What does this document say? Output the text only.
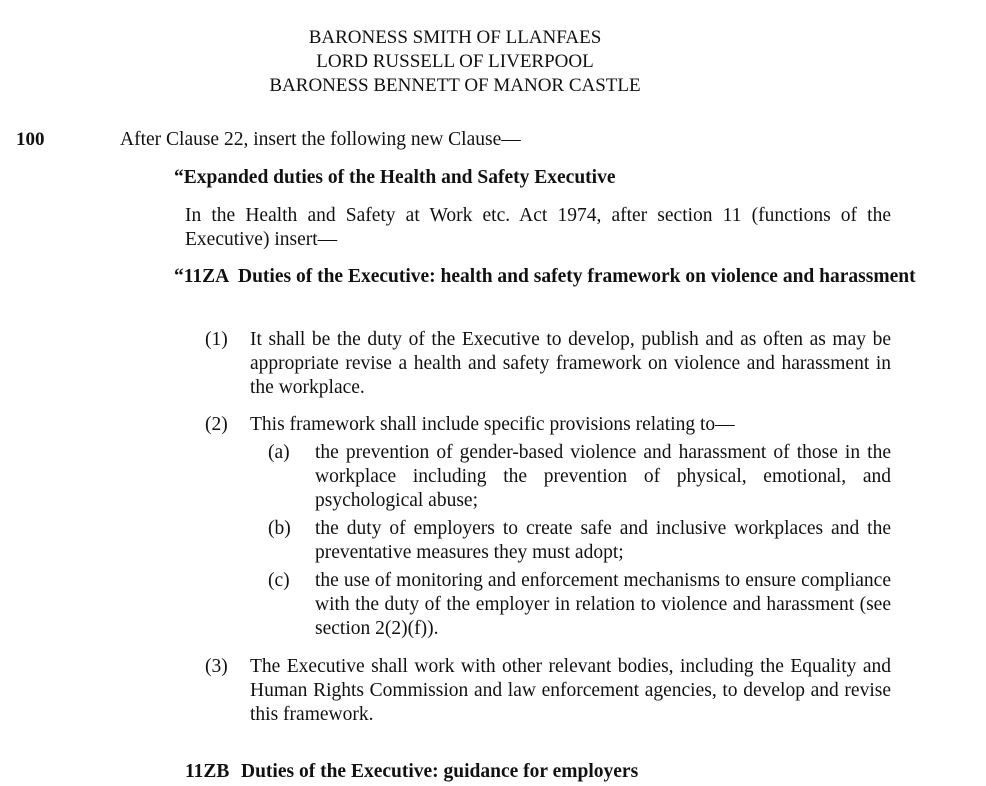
BARONESS SMITH OF LLANFAES
LORD RUSSELL OF LIVERPOOL
BARONESS BENNETT OF MANOR CASTLE
100	After Clause 22, insert the following new Clause—
“Expanded duties of the Health and Safety Executive
In the Health and Safety at Work etc. Act 1974, after section 11 (functions of the Executive) insert—
“11ZA Duties of the Executive: health and safety framework on violence and harassment
(1)	It shall be the duty of the Executive to develop, publish and as often as may be appropriate revise a health and safety framework on violence and harassment in the workplace.
(2)	This framework shall include specific provisions relating to—
(a)	the prevention of gender-based violence and harassment of those in the workplace including the prevention of physical, emotional, and psychological abuse;
(b)	the duty of employers to create safe and inclusive workplaces and the preventative measures they must adopt;
(c)	the use of monitoring and enforcement mechanisms to ensure compliance with the duty of the employer in relation to violence and harassment (see section 2(2)(f)).
(3)	The Executive shall work with other relevant bodies, including the Equality and Human Rights Commission and law enforcement agencies, to develop and revise this framework.
11ZB Duties of the Executive: guidance for employers
